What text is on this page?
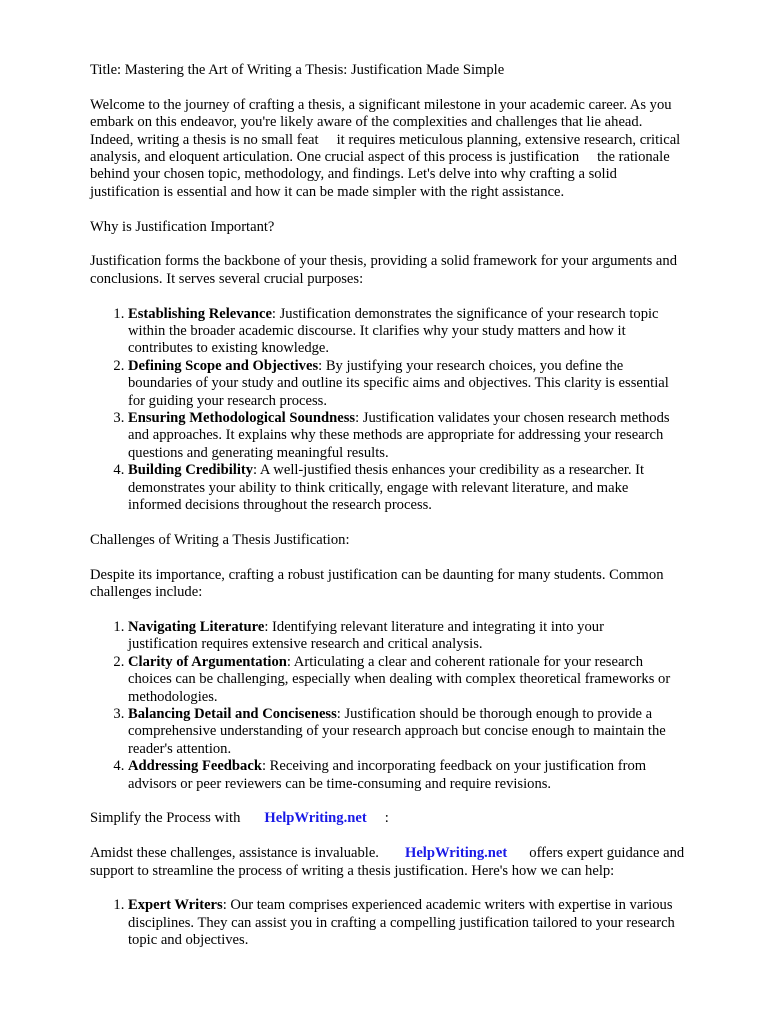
Title: Mastering the Art of Writing a Thesis: Justification Made Simple

Welcome to the journey of crafting a thesis, a significant milestone in your academic career. As you
embark on this endeavor, you're likely aware of the complexities and challenges that lie ahead.
Indeed, writing a thesis is no small feat it requires meticulous planning, extensive research, critical
analysis, and eloquent articulation. One crucial aspect of this process is justification the rationale
behind your chosen topic, methodology, and findings. Let's delve into why crafting a solid
justification is essential and how it can be made simpler with the right assistance.

Why is Justification Important?

Justification forms the backbone of your thesis, providing a solid framework for your arguments and
conclusions. It serves several crucial purposes:

1. Establishing Relevance: Justification demonstrates the significance of your research topic
within the broader academic discourse. It clarifies why your study matters and how it
contributes to existing knowledge.
2. Defining Scope and Objectives: By justifying your research choices, you define the
boundaries of your study and outline its specific aims and objectives. This clarity is essential
for guiding your research process.
3. Ensuring Methodological Soundness: Justification validates your chosen research methods
and approaches. It explains why these methods are appropriate for addressing your research
questions and generating meaningful results.
4. Building Credibility: A well-justified thesis enhances your credibility as a researcher. It
demonstrates your ability to think critically, engage with relevant literature, and make
informed decisions throughout the research process.

Challenges of Writing a Thesis Justification:

Despite its importance, crafting a robust justification can be daunting for many students. Common
challenges include:

1. Navigating Literature: Identifying relevant literature and integrating it into your
justification requires extensive research and critical analysis.
2. Clarity of Argumentation: Articulating a clear and coherent rationale for your research
choices can be challenging, especially when dealing with complex theoretical frameworks or
methodologies.
3. Balancing Detail and Conciseness: Justification should be thorough enough to provide a
comprehensive understanding of your research approach but concise enough to maintain the
reader's attention.
4. Addressing Feedback: Receiving and incorporating feedback on your justification from
advisors or peer reviewers can be time-consuming and require revisions.

Simplify the Process with HelpWriting.net :

Amidst these challenges, assistance is invaluable. HelpWriting.net offers expert guidance and
support to streamline the process of writing a thesis justification. Here's how we can help:

1. Expert Writers: Our team comprises experienced academic writers with expertise in various
disciplines. They can assist you in crafting a compelling justification tailored to your research
topic and objectives.
